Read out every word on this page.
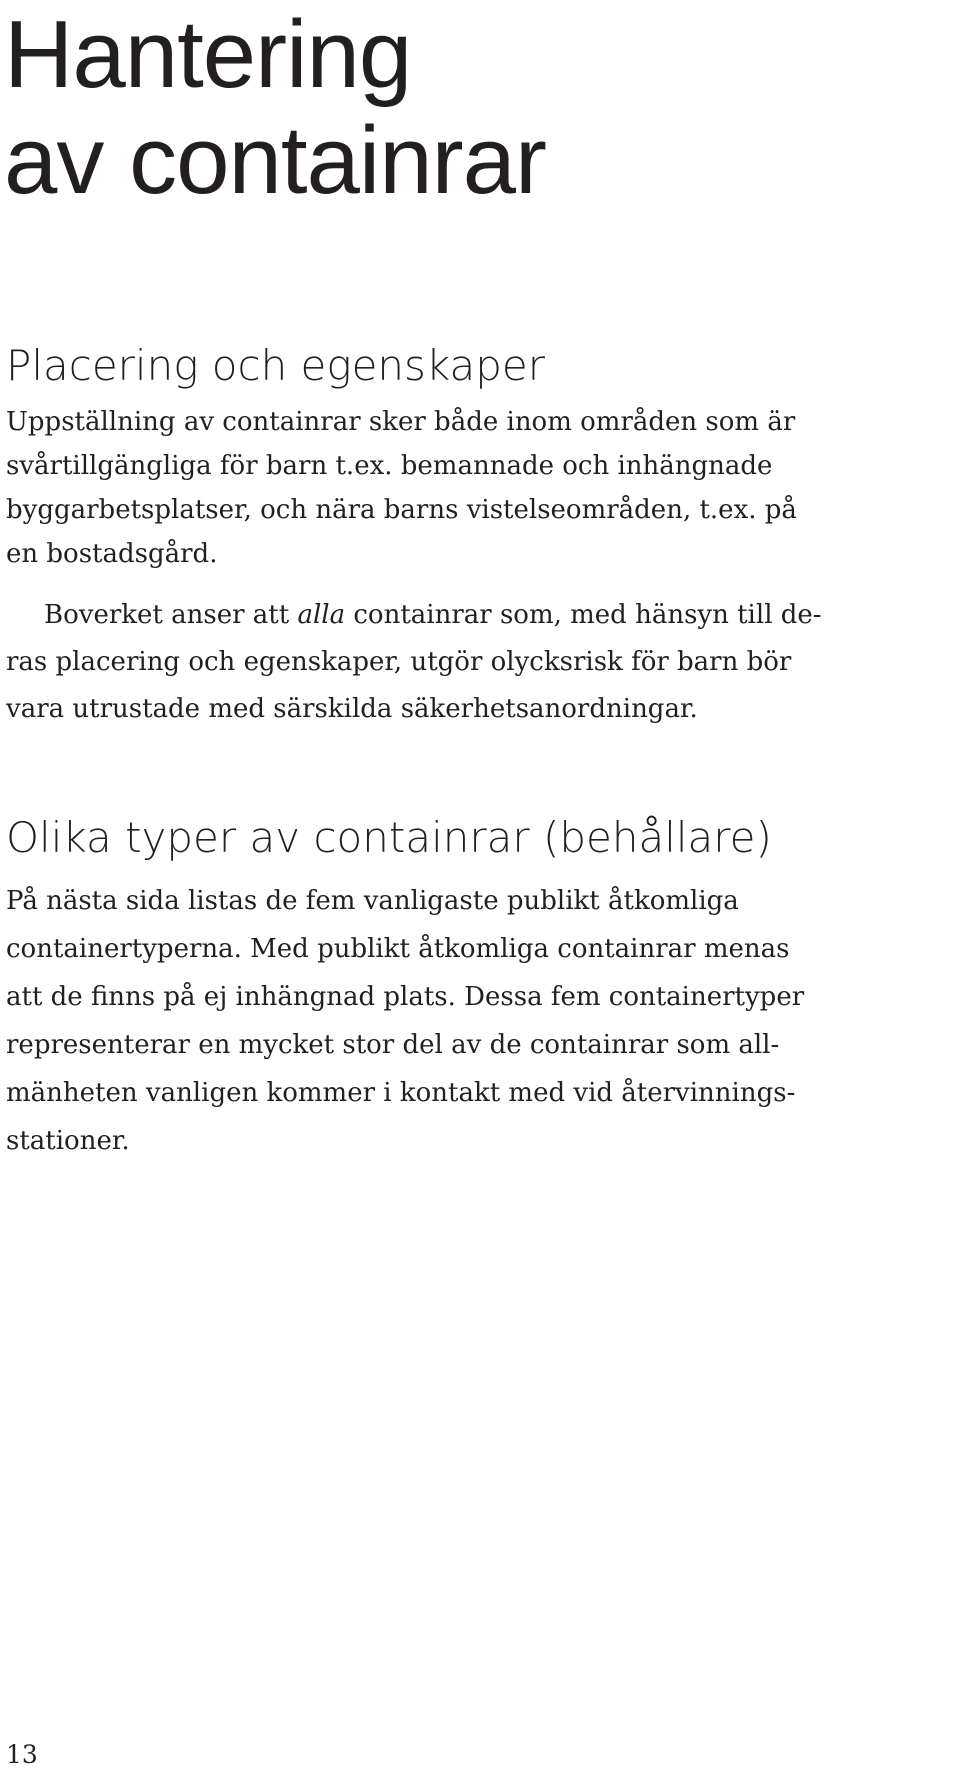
Hantering
av containrar
Placering och egenskaper

Uppställning av containrar sker både inom områden som är
svårtillgängliga för barn t.ex. bemannade och inhängnade
byggarbetsplatser, och nära barns vistelseområden, t.ex. på
en bostadsgård.

Boverket anser att alla containrar som, med hänsyn till de-
ras placering och egenskaper, utgör olycksrisk för barn bör
vara utrustade med särskilda säkerhetsanordningar.

Olika typer av containrar (behållare)

På nästa sida listas de fem vanligaste publikt åtkomliga
containertyperna. Med publikt åtkomliga containrar menas
att de finns på ej inhängnad plats. Dessa fem containertyper
representerar en mycket stor del av de containrar som all-
mänheten vanligen kommer i kontakt med vid återvinnings-
stationer.

13
